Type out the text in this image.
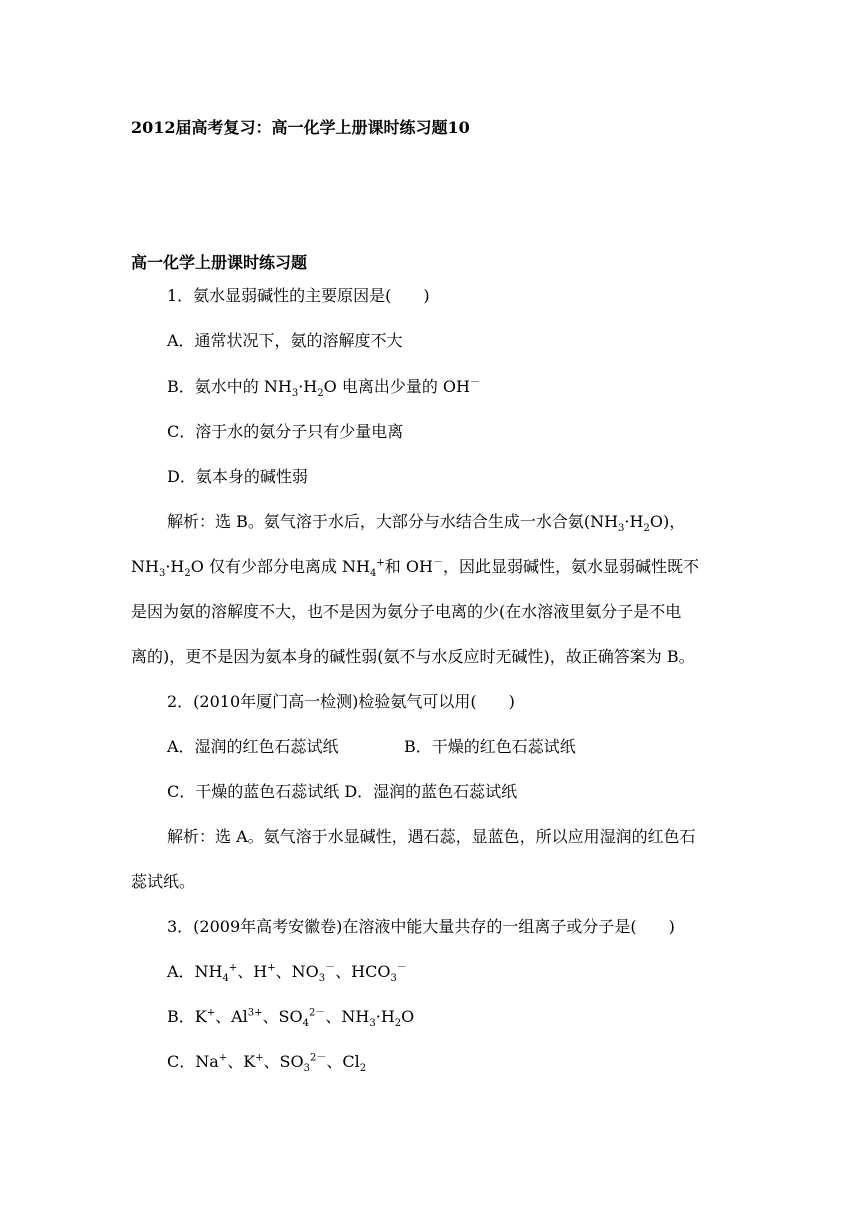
2012届高考复习：高一化学上册课时练习题10
高一化学上册课时练习题
1．氨水显弱碱性的主要原因是(　　)
A．通常状况下，氨的溶解度不大
B．氨水中的 $NH_3\cdot H_2O$ 电离出少量的 OH－
C．溶于水的氨分子只有少量电离
D．氨本身的碱性弱
解析：选 B。氨气溶于水后，大部分与水结合生成一水合氨$(NH_3\cdot H_2O)$，
$NH_3\cdot H_2O$ 仅有少部分电离成 $NH_4^+$和 OH－，因此显弱碱性，氨水显弱碱性既不
是因为氨的溶解度不大，也不是因为氨分子电离的少(在水溶液里氨分子是不电
离的)，更不是因为氨本身的碱性弱(氨不与水反应时无碱性)，故正确答案为 B。
2．(2010年厦门高一检测)检验氨气可以用(　　)
A．湿润的红色石蕊试纸	B．干燥的红色石蕊试纸
C．干燥的蓝色石蕊试纸 D．湿润的蓝色石蕊试纸
解析：选 A。氨气溶于水显碱性，遇石蕊，显蓝色，所以应用湿润的红色石
蕊试纸。
3．(2009年高考安徽卷)在溶液中能大量共存的一组离子或分子是(　　)
A．$NH_4^+$、H+、$NO_3^-$、$HCO_3^-$
B．K+、$Al^{3+}$、$SO_4^{2-}$、$NH_3\cdot H_2O$
C．Na+、K+、$SO_3^{2-}$、$Cl_2$
